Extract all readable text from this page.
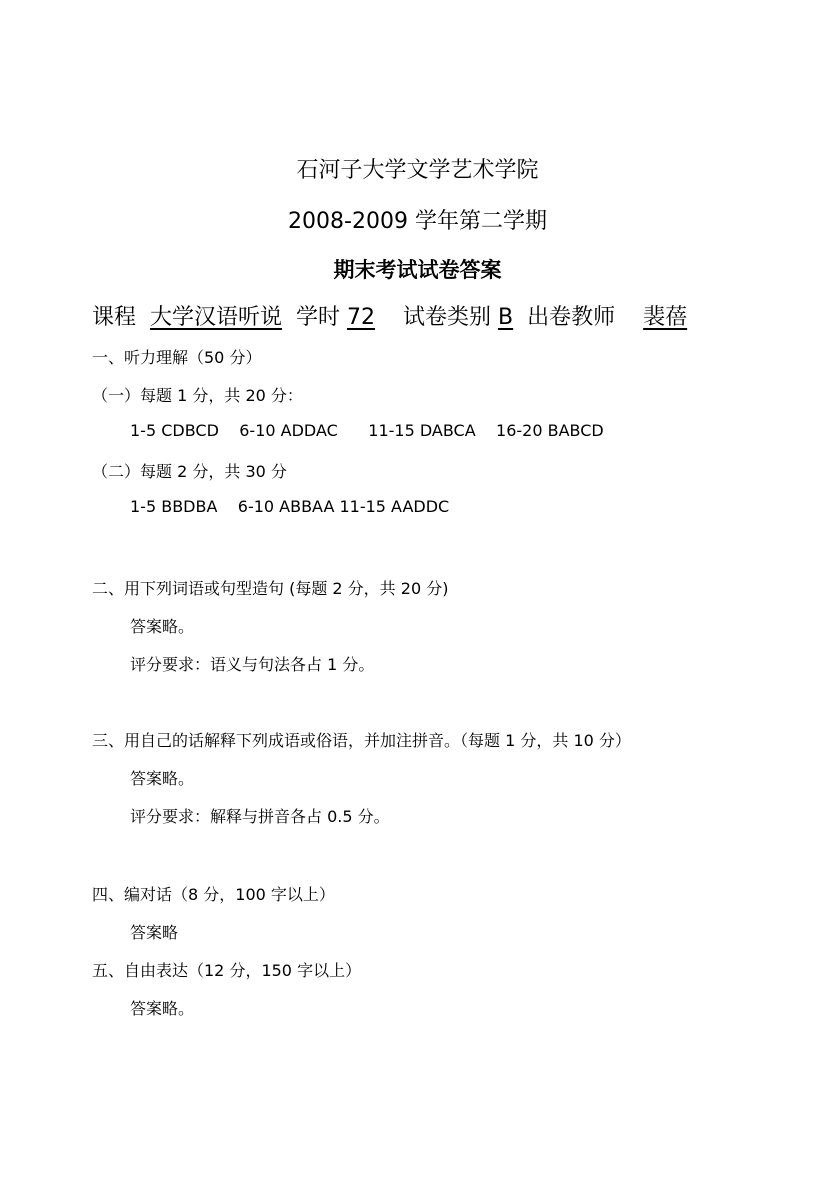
石河子大学文学艺术学院
2008-2009 学年第二学期
期末考试试卷答案
课程 大学汉语听说 学时 72 试卷类别 B 出卷教师 裴蓓
一、听力理解（50 分）
（一）每题 1 分，共 20 分：
1-5 CDBCD    6-10 ADDAC      11-15 DABCA    16-20 BABCD
（二）每题 2 分，共 30 分
1-5 BBDBA    6-10 ABBAA 11-15 AADDC
二、用下列词语或句型造句 (每题 2 分，共 20 分)
答案略。
评分要求：语义与句法各占 1 分。
三、用自己的话解释下列成语或俗语，并加注拼音。（每题 1 分，共 10 分）
答案略。
评分要求：解释与拼音各占 0.5 分。
四、编对话（8 分，100 字以上）
答案略
五、自由表达（12 分，150 字以上）
答案略。
